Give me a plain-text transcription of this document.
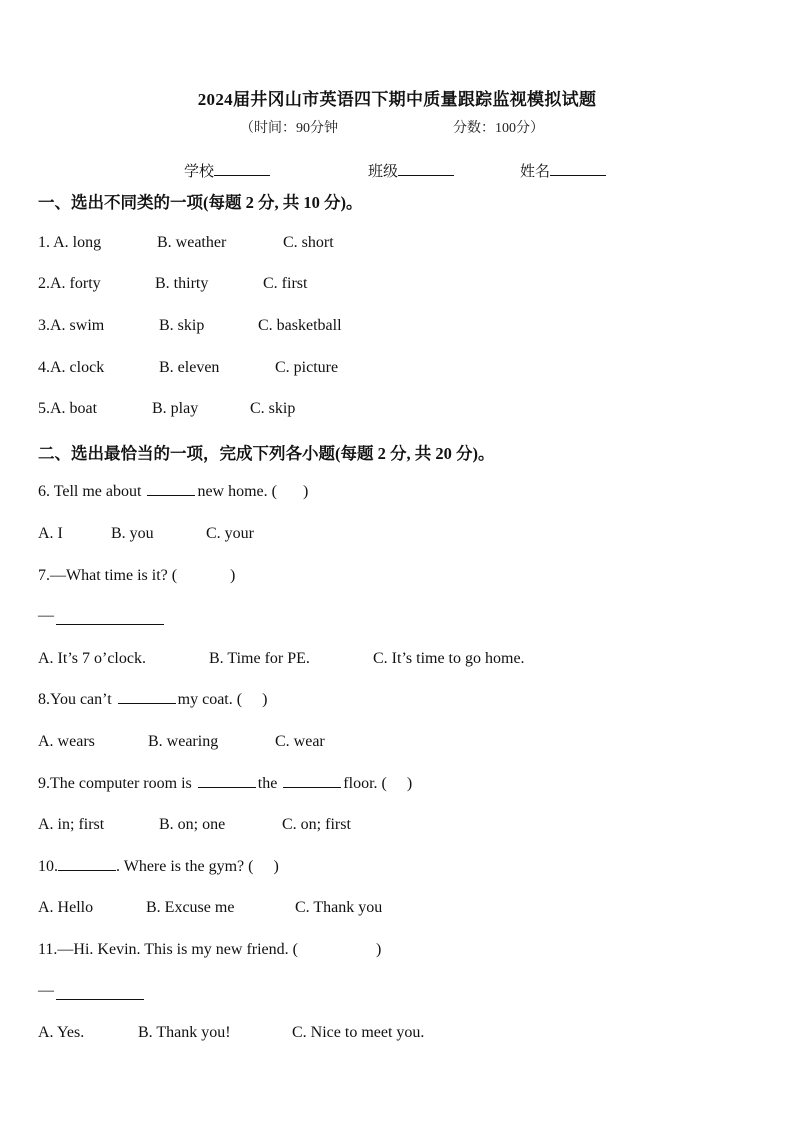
2024届井冈山市英语四下期中质量跟踪监视模拟试题
（时间：90分钟	分数：100分）
学校	班级	姓名
一、选出不同类的一项(每题 2 分, 共 10 分)。
1. A. long	B. weather	C. short
2.A. forty	B. thirty	C. first
3.A. swim	B. skip	C. basketball
4.A. clock	B. eleven	C. picture
5.A. boat	B. play	C. skip
二、选出最恰当的一项，完成下列各小题(每题 2 分, 共 20 分)。
6. Tell me about	new home. ( )
A. I	B. you	C. your
7.—What time is it? (	)
—
A. It’s 7 o’clock.	B. Time for PE.	C. It’s time to go home.
8.You can’t	my coat. ( )
A. wears	B. wearing	C. wear
9.The computer room is	the	floor. ( )
A. in; first	B. on; one	C. on; first
10.	. Where is the gym? ( )
A. Hello	B. Excuse me	C. Thank you
11.—Hi. Kevin. This is my new friend. (	)
—
A. Yes.	B. Thank you!	C. Nice to meet you.
